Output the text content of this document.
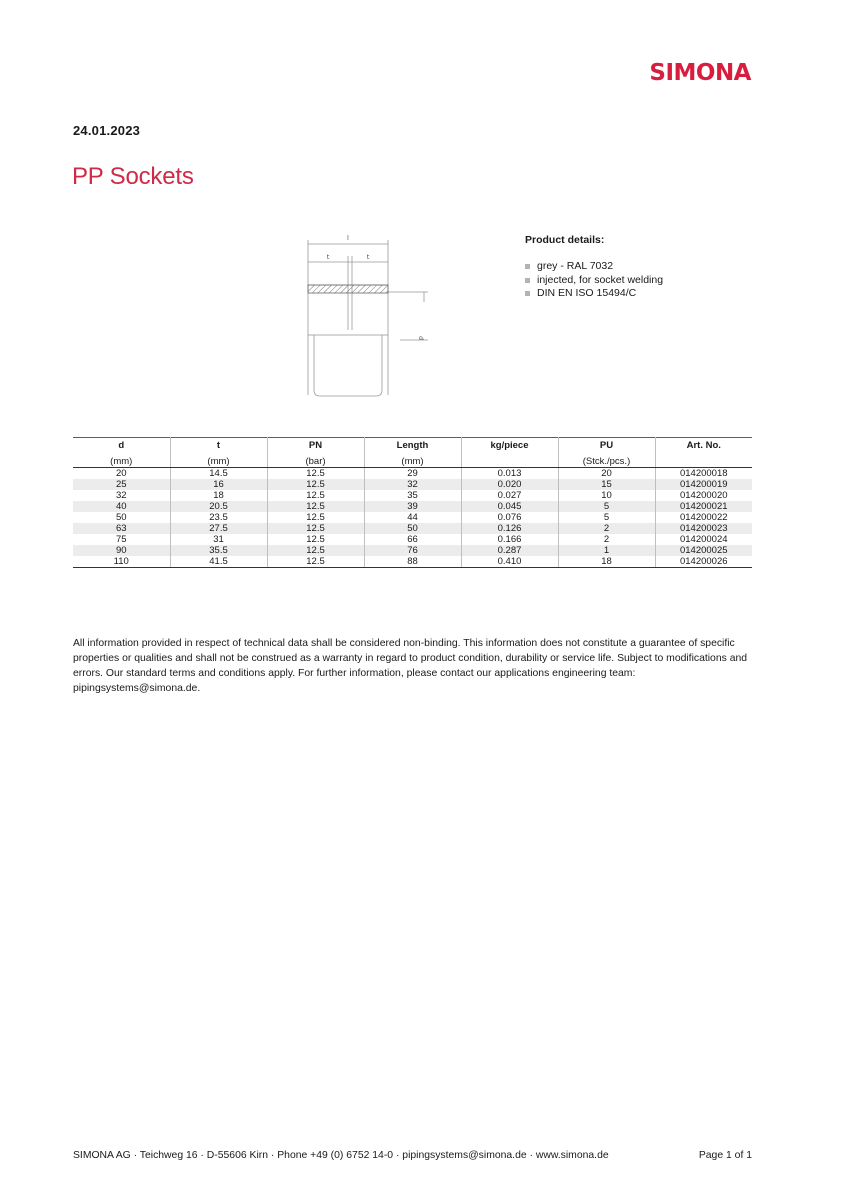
SIMONA
24.01.2023
PP Sockets
l
t	t
d
Product details:
grey - RAL 7032
injected, for socket welding
DIN EN ISO 15494/C
d	t	PN	Length	kg/piece	PU	Art. No.
(mm)	(mm)	(bar)	(mm)		(Stck./pcs.)	
20	14.5	12.5	29	0.013	20	014200018
25	16	12.5	32	0.020	15	014200019
32	18	12.5	35	0.027	10	014200020
40	20.5	12.5	39	0.045	5	014200021
50	23.5	12.5	44	0.076	5	014200022
63	27.5	12.5	50	0.126	2	014200023
75	31	12.5	66	0.166	2	014200024
90	35.5	12.5	76	0.287	1	014200025
110	41.5	12.5	88	0.410	18	014200026
All information provided in respect of technical data shall be considered non-binding. This information does not constitute a guarantee of specific properties or qualities and shall not be construed as a warranty in regard to product condition, durability or service life. Subject to modifications and errors. Our standard terms and conditions apply. For further information, please contact our applications engineering team: pipingsystems@simona.de.
SIMONA AG · Teichweg 16 · D-55606 Kirn · Phone +49 (0) 6752 14-0 · pipingsystems@simona.de · www.simona.de	Page 1 of 1
